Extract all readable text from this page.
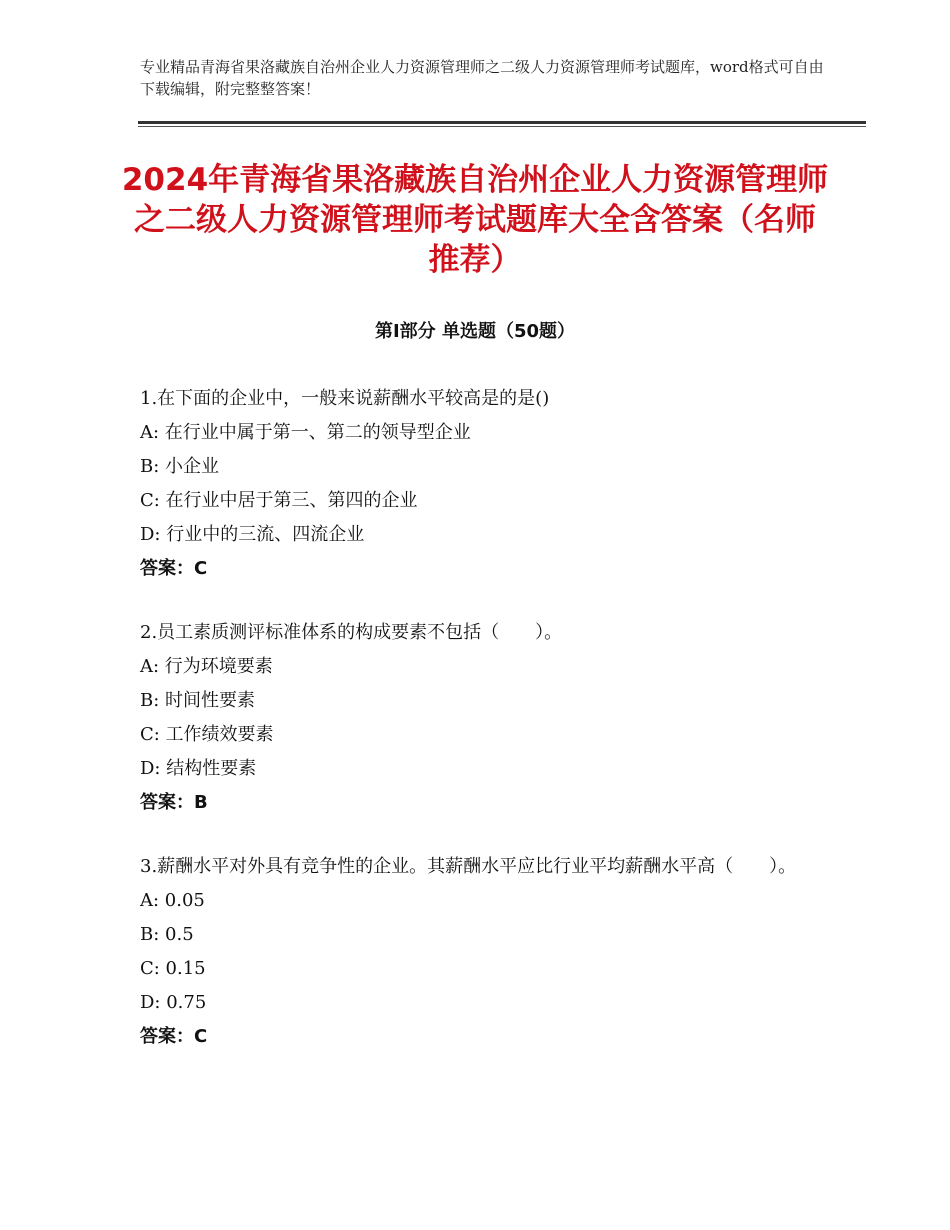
专业精品青海省果洛藏族自治州企业人力资源管理师之二级人力资源管理师考试题库，word格式可自由下载编辑，附完整整答案！
2024年青海省果洛藏族自治州企业人力资源管理师之二级人力资源管理师考试题库大全含答案（名师推荐）
第Ⅰ部分 单选题（50题）
1.在下面的企业中，一般来说薪酬水平较高是的是()
A: 在行业中属于第一、第二的领导型企业
B: 小企业
C: 在行业中居于第三、第四的企业
D: 行业中的三流、四流企业
答案：C
2.员工素质测评标准体系的构成要素不包括（　　）。
A: 行为环境要素
B: 时间性要素
C: 工作绩效要素
D: 结构性要素
答案：B
3.薪酬水平对外具有竞争性的企业。其薪酬水平应比行业平均薪酬水平高（　　）。
A: 0.05
B: 0.5
C: 0.15
D: 0.75
答案：C
